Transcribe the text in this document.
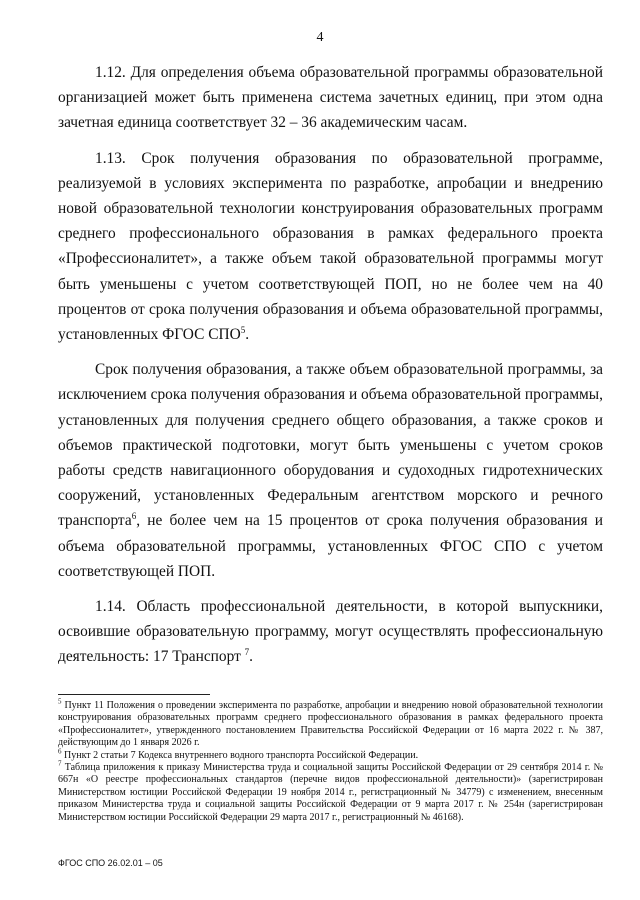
4

1.12. Для определения объема образовательной программы образовательной организацией может быть применена система зачетных единиц, при этом одна зачетная единица соответствует 32 – 36 академическим часам.

1.13. Срок получения образования по образовательной программе, реализуемой в условиях эксперимента по разработке, апробации и внедрению новой образовательной технологии конструирования образовательных программ среднего профессионального образования в рамках федерального проекта «Профессионалитет», а также объем такой образовательной программы могут быть уменьшены с учетом соответствующей ПОП, но не более чем на 40 процентов от срока получения образования и объема образовательной программы, установленных ФГОС СПО$^5$.

Срок получения образования, а также объем образовательной программы, за исключением срока получения образования и объема образовательной программы, установленных для получения среднего общего образования, а также сроков и объемов практической подготовки, могут быть уменьшены с учетом сроков работы средств навигационного оборудования и судоходных гидротехнических сооружений, установленных Федеральным агентством морского и речного транспорта$^6$, не более чем на 15 процентов от срока получения образования и объема образовательной программы, установленных ФГОС СПО с учетом соответствующей ПОП.

1.14. Область профессиональной деятельности, в которой выпускники, освоившие образовательную программу, могут осуществлять профессиональную деятельность: 17 Транспорт $^7$.

$^5$ Пункт 11 Положения о проведении эксперимента по разработке, апробации и внедрению новой образовательной технологии конструирования образовательных программ среднего профессионального образования в рамках федерального проекта «Профессионалитет», утвержденного постановлением Правительства Российской Федерации от 16 марта 2022 г. № 387, действующим до 1 января 2026 г.

$^6$ Пункт 2 статьи 7 Кодекса внутреннего водного транспорта Российской Федерации.

$^7$ Таблица приложения к приказу Министерства труда и социальной защиты Российской Федерации от 29 сентября 2014 г. № 667н «О реестре профессиональных стандартов (перечне видов профессиональной деятельности)» (зарегистрирован Министерством юстиции Российской Федерации 19 ноября 2014 г., регистрационный № 34779) с изменением, внесенным приказом Министерства труда и социальной защиты Российской Федерации от 9 марта 2017 г. № 254н (зарегистрирован Министерством юстиции Российской Федерации 29 марта 2017 г., регистрационный № 46168).

ФГОС СПО 26.02.01 – 05
